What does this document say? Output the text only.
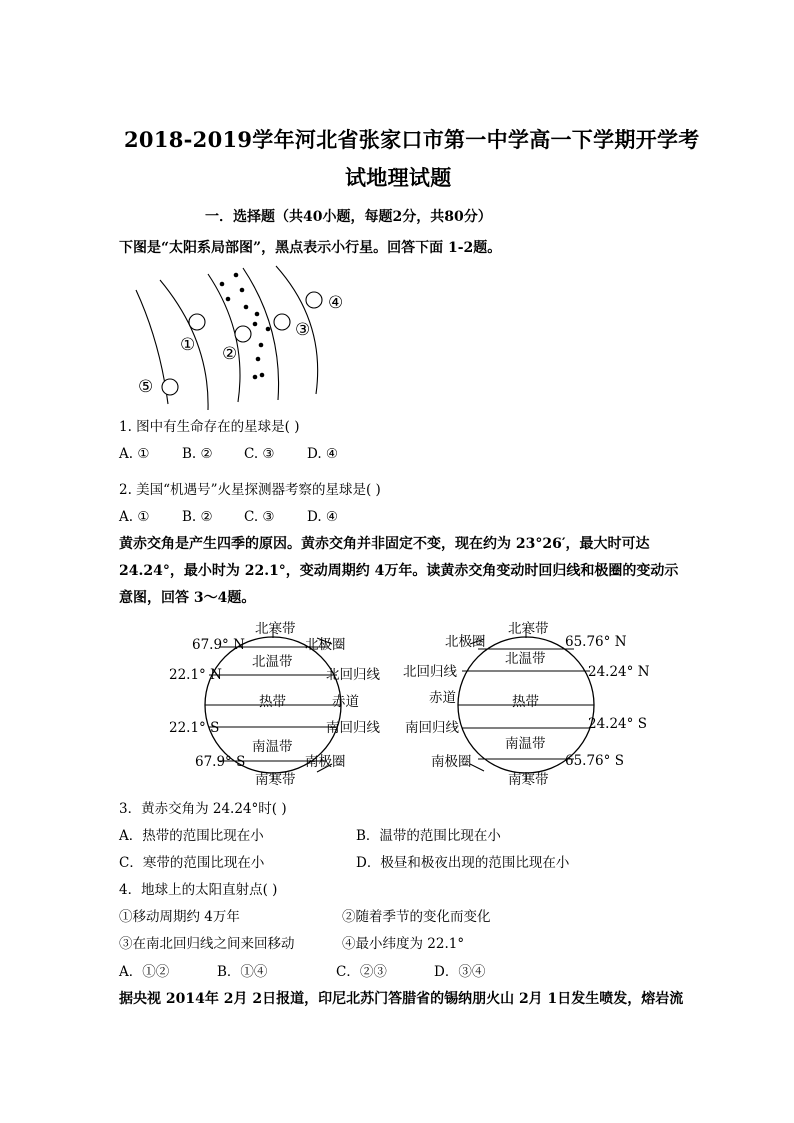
2018-2019学年河北省张家口市第一中学高一下学期开学考
试地理试题
一．选择题（共40小题，每题2分，共80分）
下图是“太阳系局部图”，黑点表示小行星。回答下面 1-2题。
⑤
① ②
③
④
1. 图中有生命存在的星球是( )
A. ① B. ② C. ③ D. ④
2. 美国“机遇号”火星探测器考察的星球是( )
A. ① B. ② C. ③ D. ④
黄赤交角是产生四季的原因。黄赤交角并非固定不变，现在约为 23°26′，最大时可达
24.24°，最小时为 22.1°，变动周期约 4万年。读黄赤交角变动时回归线和极圈的变动示
意图，回答 3～4题。
北寒带
北温带
热带
南温带
南寒带
67.9° N
22.1° N
22.1° S
67.9° S
北极圈
北回归线
赤道
南回归线
南极圈
北寒带
北温带
热带
南温带
南寒带
北极圈
北回归线
赤道
南回归线
南极圈
65.76° N
24.24° N
24.24° S
65.76° S
3．黄赤交角为 24.24°时( )
A．热带的范围比现在小	B．温带的范围比现在小
C．寒带的范围比现在小	D．极昼和极夜出现的范围比现在小
4．地球上的太阳直射点( )
①移动周期约 4万年	②随着季节的变化而变化
③在南北回归线之间来回移动	④最小纬度为 22.1°
A．①②	B．①④	C．②③	D．③④
据央视 2014年 2月 2日报道，印尼北苏门答腊省的锡纳朋火山 2月 1日发生喷发，熔岩流
